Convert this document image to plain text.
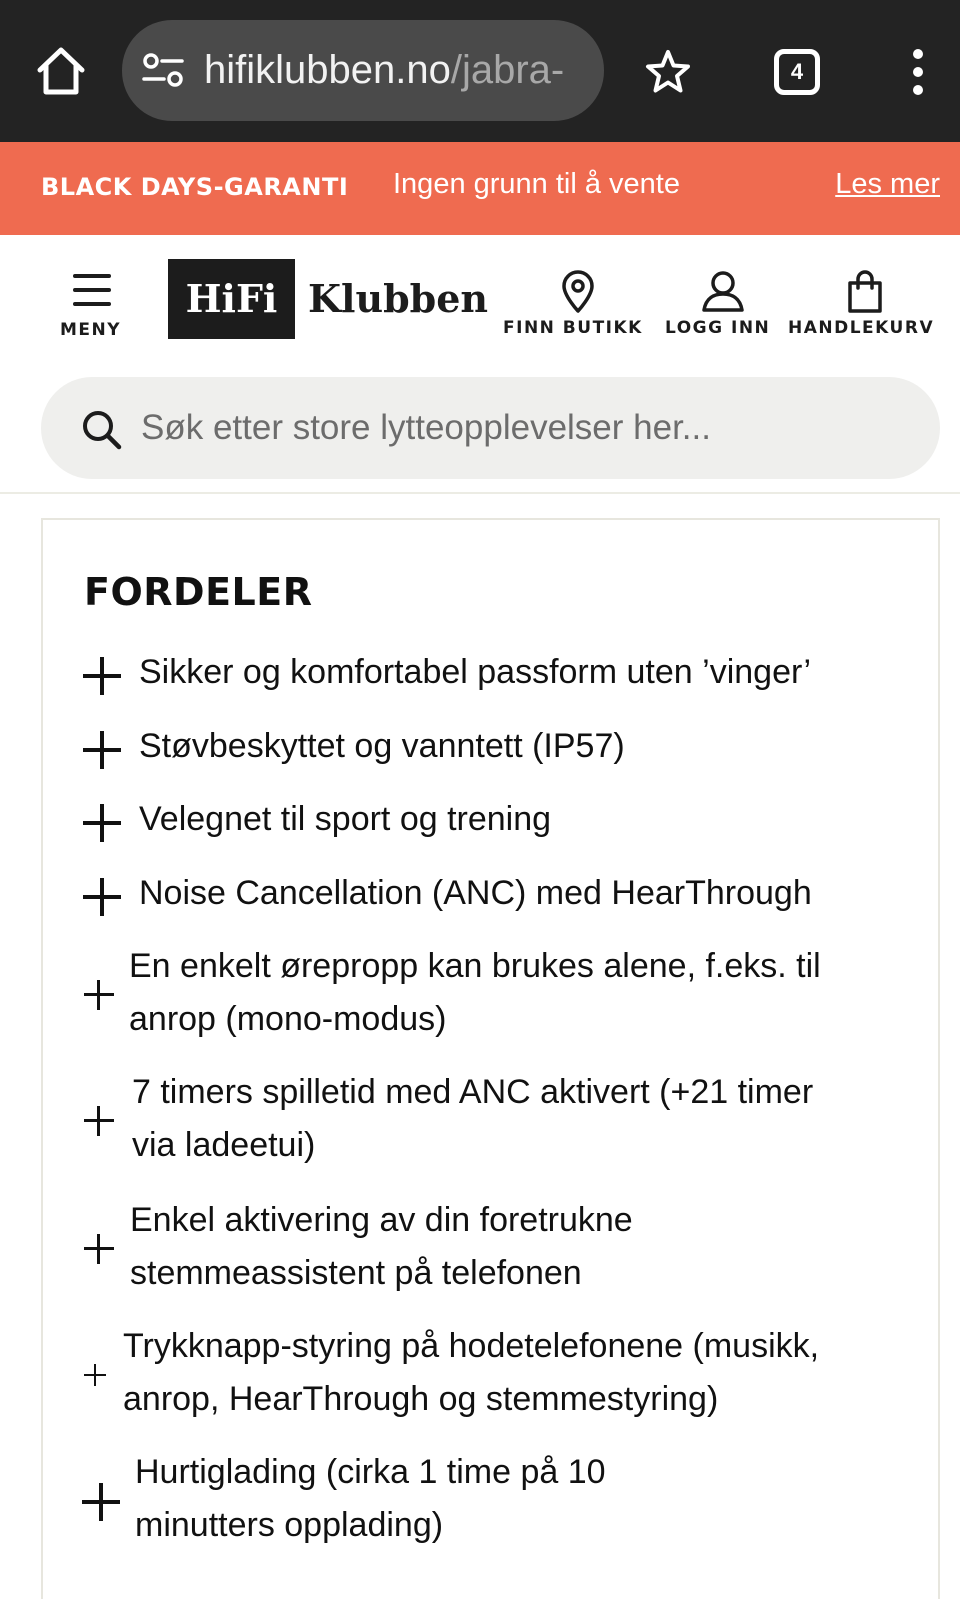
hifiklubben.no/jabra-	4
BLACK DAYS-GARANTI Ingen grunn til å vente	Les mer
MENY
HiFi Klubben
FINN BUTIKK LOGG INN HANDLEKURV
Søk etter store lytteopplevelser her...
FORDELER
Sikker og komfortabel passform uten ’vinger’
Støvbeskyttet og vanntett (IP57)
Velegnet til sport og trening
Noise Cancellation (ANC) med HearThrough
En enkelt ørepropp kan brukes alene, f.eks. til
anrop (mono-modus)
7 timers spilletid med ANC aktivert (+21 timer
via ladeetui)
Enkel aktivering av din foretrukne
stemmeassistent på telefonen
Trykknapp-styring på hodetelefonene (musikk,
anrop, HearThrough og stemmestyring)
Hurtiglading (cirka 1 time på 10
minutters opplading)
